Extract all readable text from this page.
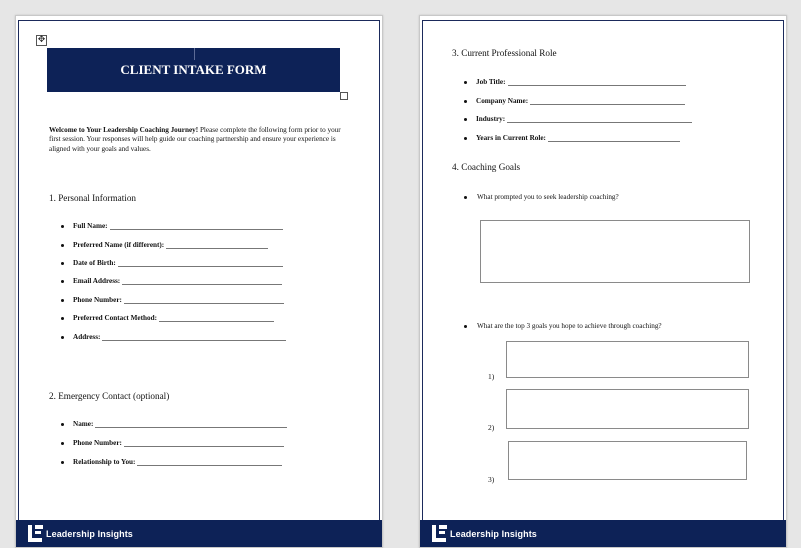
✥
CLIENT INTAKE FORM
Welcome to Your Leadership Coaching Journey! Please complete the following form prior to your first session. Your responses will help guide our coaching partnership and ensure your experience is aligned with your goals and values.
1. Personal Information
Full Name:
Preferred Name (if different):
Date of Birth:
Email Address:
Phone Number:
Preferred Contact Method:
Address:
2. Emergency Contact (optional)
Name:
Phone Number:
Relationship to You:
Leadership Insights
3. Current Professional Role
Job Title:
Company Name:
Industry:
Years in Current Role:
4. Coaching Goals
What prompted you to seek leadership coaching?
What are the top 3 goals you hope to achieve through coaching?
1)
2)
3)
Leadership Insights
